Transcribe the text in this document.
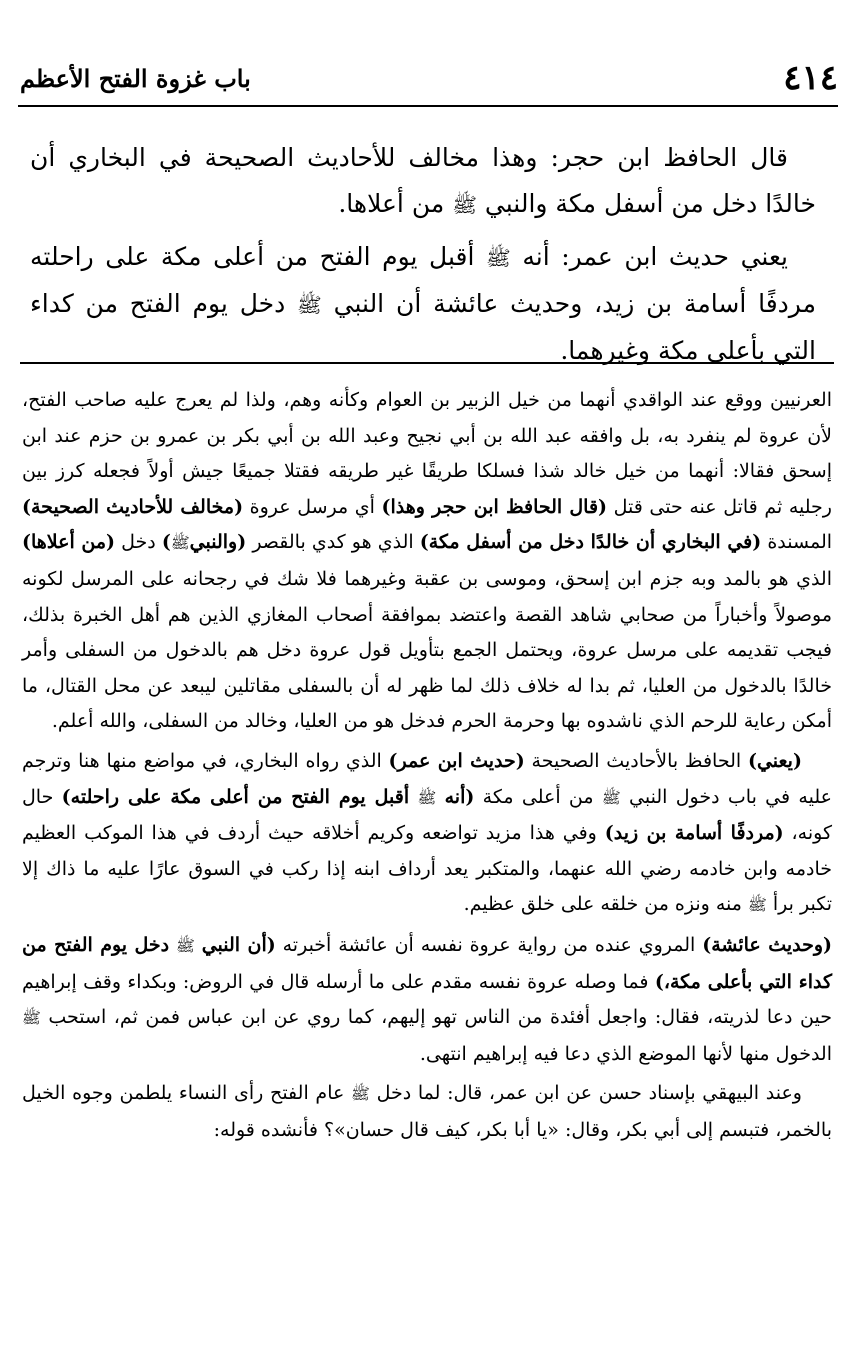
٤١٤
باب غزوة الفتح الأعظم

قال الحافظ ابن حجر: وهذا مخالف للأحاديث الصحيحة في البخاري أن خالدًا دخل من أسفل مكة والنبي ﷺ من أعلاها.

يعني حديث ابن عمر: أنه ﷺ أقبل يوم الفتح من أعلى مكة على راحلته مردفًا أسامة بن زيد، وحديث عائشة أن النبي ﷺ دخل يوم الفتح من كداء التي بأعلى مكة وغيرهما.

العرنيين ووقع عند الواقدي أنهما من خيل الزبير بن العوام وكأنه وهم، ولذا لم يعرج عليه صاحب الفتح، لأن عروة لم ينفرد به، بل وافقه عبد الله بن أبي نجيح وعبد الله بن أبي بكر بن عمرو بن حزم عند ابن إسحق فقالا: أنهما من خيل خالد شذا فسلكا طريقًا غير طريقه فقتلا جميعًا جيش أولاً فجعله كرز بين رجليه ثم قاتل عنه حتى قتل (قال الحافظ ابن حجر وهذا) أي مرسل عروة (مخالف للأحاديث الصحيحة) المسندة (في البخاري أن خالدًا دخل من أسفل مكة) الذي هو كدي بالقصر (والنبيﷺ) دخل (من أعلاها) الذي هو بالمد وبه جزم ابن إسحق، وموسى بن عقبة وغيرهما فلا شك في رجحانه على المرسل لكونه موصولاً وأخباراً من صحابي شاهد القصة واعتضد بموافقة أصحاب المغازي الذين هم أهل الخبرة بذلك، فيجب تقديمه على مرسل عروة، ويحتمل الجمع بتأويل قول عروة دخل هم بالدخول من السفلى وأمر خالدًا بالدخول من العليا، ثم بدا له خلاف ذلك لما ظهر له أن بالسفلى مقاتلين ليبعد عن محل القتال، ما أمكن رعاية للرحم الذي ناشدوه بها وحرمة الحرم فدخل هو من العليا، وخالد من السفلى، والله أعلم.

(يعني) الحافظ بالأحاديث الصحيحة (حديث ابن عمر) الذي رواه البخاري، في مواضع منها هنا وترجم عليه في باب دخول النبي ﷺ من أعلى مكة (أنه ﷺ أقبل يوم الفتح من أعلى مكة على راحلته) حال كونه، (مردفًا أسامة بن زيد) وفي هذا مزيد تواضعه وكريم أخلاقه حيث أردف في هذا الموكب العظيم خادمه وابن خادمه رضي الله عنهما، والمتكبر يعد أرداف ابنه إذا ركب في السوق عارًا عليه ما ذاك إلا تكبر برأ ﷺ منه ونزه من خلقه على خلق عظيم.

(وحديث عائشة) المروي عنده من رواية عروة نفسه أن عائشة أخبرته (أن النبي ﷺ دخل يوم الفتح من كداء التي بأعلى مكة،) فما وصله عروة نفسه مقدم على ما أرسله قال في الروض: وبكداء وقف إبراهيم حين دعا لذريته، فقال: واجعل أفئدة من الناس تهو إليهم، كما روي عن ابن عباس فمن ثم، استحب ﷺ الدخول منها لأنها الموضع الذي دعا فيه إبراهيم انتهى.

وعند البيهقي بإسناد حسن عن ابن عمر، قال: لما دخل ﷺ عام الفتح رأى النساء يلطمن وجوه الخيل بالخمر، فتبسم إلى أبي بكر، وقال: «يا أبا بكر، كيف قال حسان»؟ فأنشده قوله:
